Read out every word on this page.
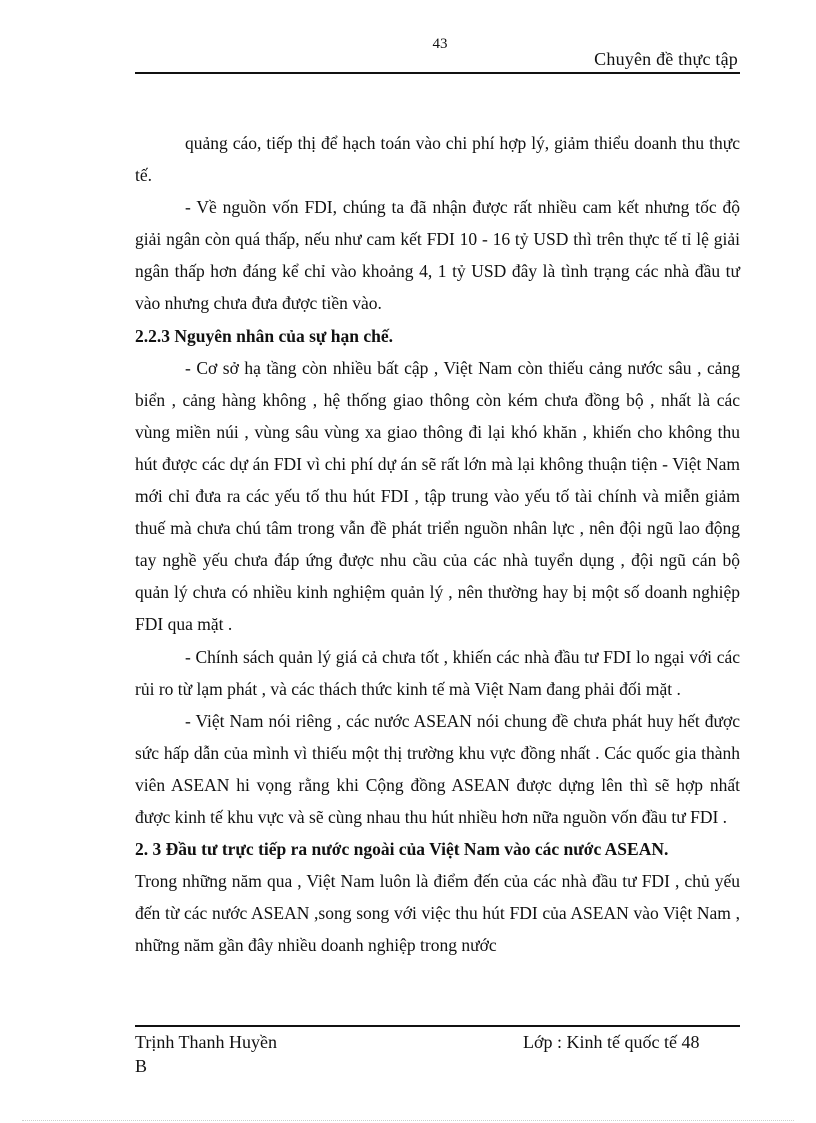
43
Chuyên đề thực tập

quảng cáo, tiếp thị để hạch toán vào chi phí hợp lý, giảm thiểu doanh thu thực tế.

- Về nguồn vốn FDI, chúng ta đã nhận được rất nhiều cam kết nhưng tốc độ giải ngân còn quá thấp, nếu như cam kết FDI 10 - 16 tỷ USD thì trên thực tế tỉ lệ giải ngân thấp hơn đáng kể chỉ vào khoảng 4, 1 tỷ USD đây là tình trạng các nhà đầu tư vào nhưng chưa đưa được tiền vào.

2.2.3 Nguyên nhân của sự hạn chế.

- Cơ sở hạ tầng còn nhiều bất cập , Việt Nam còn thiếu cảng nước sâu , cảng biển , cảng hàng không , hệ thống giao thông còn kém chưa đồng bộ , nhất là các vùng miền núi , vùng sâu vùng xa giao thông đi lại khó khăn , khiến cho không thu hút được các dự án FDI vì chi phí dự án sẽ rất lớn mà lại không thuận tiện - Việt Nam mới chỉ đưa ra các yếu tố thu hút FDI , tập trung vào yếu tố tài chính và miễn giảm thuế mà chưa chú tâm trong vẫn đề phát triển nguồn nhân lực , nên đội ngũ lao động tay nghề yếu chưa đáp ứng được nhu cầu của các nhà tuyển dụng , đội ngũ cán bộ quản lý chưa có nhiều kinh nghiệm quản lý , nên thường hay bị một số doanh nghiệp FDI qua mặt .

- Chính sách quản lý giá cả chưa tốt , khiến các nhà đầu tư FDI lo ngại với các rủi ro từ lạm phát , và các thách thức kinh tế mà Việt Nam đang phải đối mặt .

- Việt Nam nói riêng , các nước ASEAN nói chung đề chưa phát huy hết được sức hấp dẫn của mình vì thiếu một thị trường khu vực đồng nhất . Các quốc gia thành viên ASEAN hi vọng rằng khi Cộng đồng ASEAN được dựng lên thì sẽ hợp nhất được kinh tế khu vực và sẽ cùng nhau thu hút nhiều hơn nữa nguồn vốn đầu tư FDI .

2. 3 Đầu tư trực tiếp ra nước ngoài của Việt Nam vào các nước ASEAN.

Trong những năm qua , Việt Nam luôn là điểm đến của các nhà đầu tư FDI , chủ yếu đến từ các nước ASEAN ,song song với việc thu hút FDI của ASEAN vào Việt Nam , những năm gần đây nhiều doanh nghiệp trong nước

Trịnh Thanh Huyền
B
Lớp : Kinh tế quốc tế 48
